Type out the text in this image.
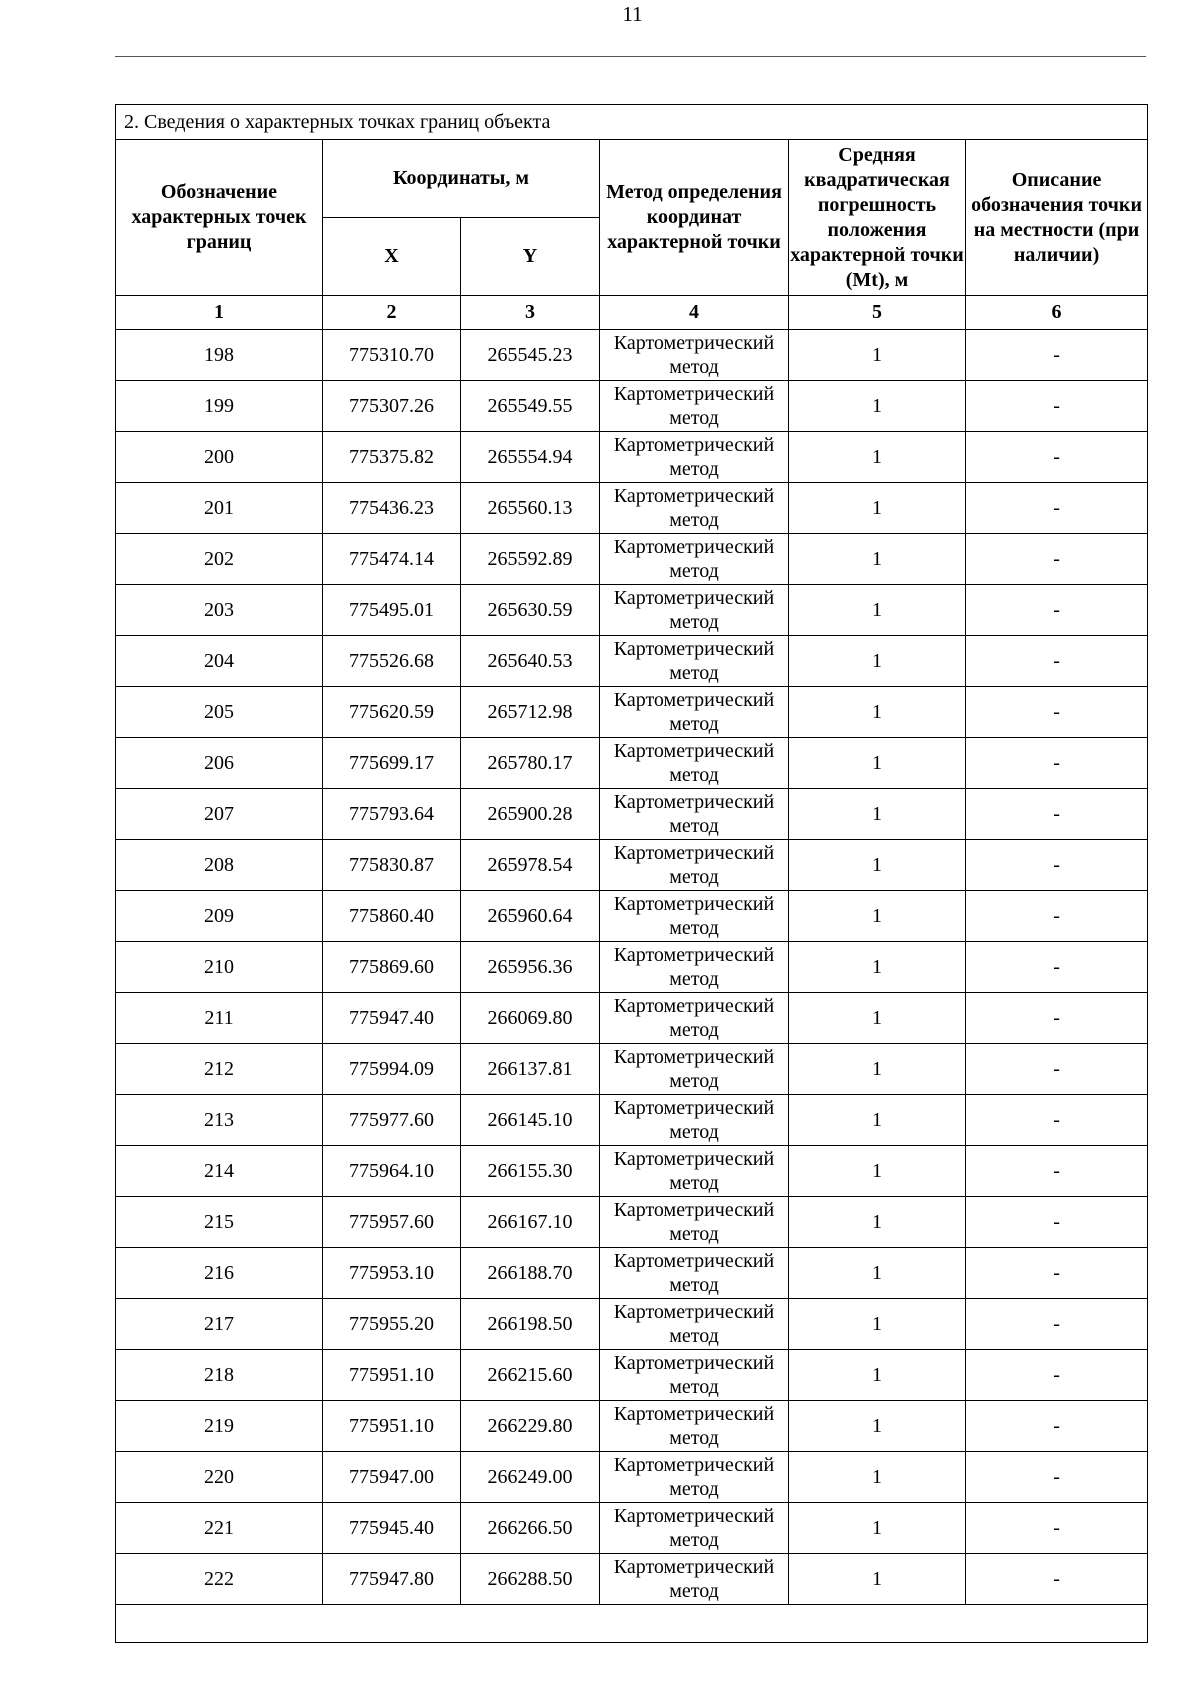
11
2. Сведения о характерных точках границ объекта					
Обозначение характерных точек границ	Координаты, м		Метод определения координат характерной точки	Средняя квадратическая погрешность положения характерной точки (Mt), м	Описание обозначения точки на местности (при наличии)
	X	Y			
1	2	3	4	5	6
198	775310.70	265545.23	Картометрический метод	1	-
199	775307.26	265549.55	Картометрический метод	1	-
200	775375.82	265554.94	Картометрический метод	1	-
201	775436.23	265560.13	Картометрический метод	1	-
202	775474.14	265592.89	Картометрический метод	1	-
203	775495.01	265630.59	Картометрический метод	1	-
204	775526.68	265640.53	Картометрический метод	1	-
205	775620.59	265712.98	Картометрический метод	1	-
206	775699.17	265780.17	Картометрический метод	1	-
207	775793.64	265900.28	Картометрический метод	1	-
208	775830.87	265978.54	Картометрический метод	1	-
209	775860.40	265960.64	Картометрический метод	1	-
210	775869.60	265956.36	Картометрический метод	1	-
211	775947.40	266069.80	Картометрический метод	1	-
212	775994.09	266137.81	Картометрический метод	1	-
213	775977.60	266145.10	Картометрический метод	1	-
214	775964.10	266155.30	Картометрический метод	1	-
215	775957.60	266167.10	Картометрический метод	1	-
216	775953.10	266188.70	Картометрический метод	1	-
217	775955.20	266198.50	Картометрический метод	1	-
218	775951.10	266215.60	Картометрический метод	1	-
219	775951.10	266229.80	Картометрический метод	1	-
220	775947.00	266249.00	Картометрический метод	1	-
221	775945.40	266266.50	Картометрический метод	1	-
222	775947.80	266288.50	Картометрический метод	1	-
